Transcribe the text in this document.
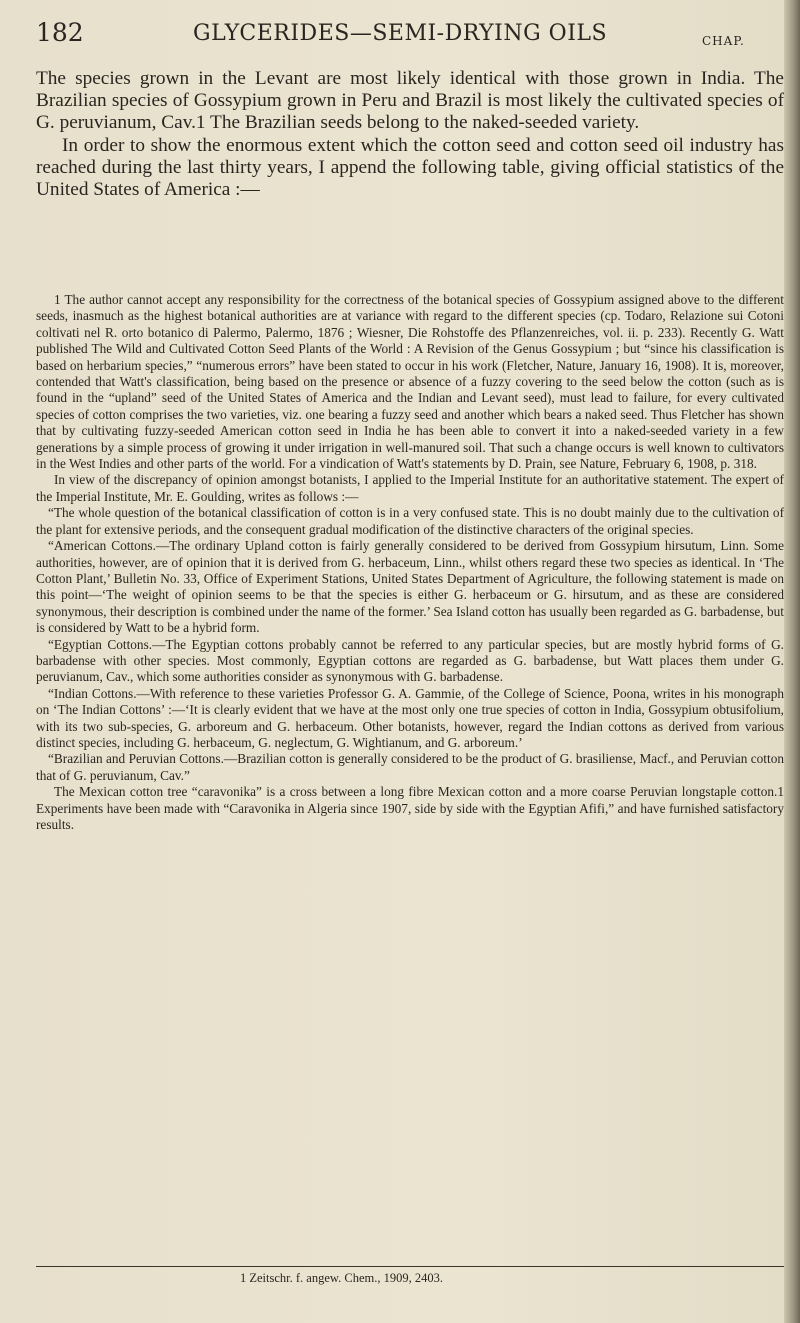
182	GLYCERIDES—SEMI-DRYING OILS	CHAP.

The species grown in the Levant are most likely identical with those grown in India. The Brazilian species of Gossypium grown in Peru and Brazil is most likely the cultivated species of G. peruvianum, Cav.1 The Brazilian seeds belong to the naked-seeded variety.

In order to show the enormous extent which the cotton seed and cotton seed oil industry has reached during the last thirty years, I append the following table, giving official statistics of the United States of America :—

1 The author cannot accept any responsibility for the correctness of the botanical species of Gossypium assigned above to the different seeds, inasmuch as the highest botanical authorities are at variance with regard to the different species (cp. Todaro, Relazione sui Cotoni coltivati nel R. orto botanico di Palermo, Palermo, 1876 ; Wiesner, Die Rohstoffe des Pflanzenreiches, vol. ii. p. 233). Recently G. Watt published The Wild and Cultivated Cotton Seed Plants of the World : A Revision of the Genus Gossypium ; but “since his classification is based on herbarium species,” “numerous errors” have been stated to occur in his work (Fletcher, Nature, January 16, 1908). It is, moreover, contended that Watt's classification, being based on the presence or absence of a fuzzy covering to the seed below the cotton (such as is found in the “upland” seed of the United States of America and the Indian and Levant seed), must lead to failure, for every cultivated species of cotton comprises the two varieties, viz. one bearing a fuzzy seed and another which bears a naked seed. Thus Fletcher has shown that by cultivating fuzzy-seeded American cotton seed in India he has been able to convert it into a naked-seeded variety in a few generations by a simple process of growing it under irrigation in well-manured soil. That such a change occurs is well known to cultivators in the West Indies and other parts of the world. For a vindication of Watt's statements by D. Prain, see Nature, February 6, 1908, p. 318.

In view of the discrepancy of opinion amongst botanists, I applied to the Imperial Institute for an authoritative statement. The expert of the Imperial Institute, Mr. E. Goulding, writes as follows :—

“The whole question of the botanical classification of cotton is in a very confused state. This is no doubt mainly due to the cultivation of the plant for extensive periods, and the consequent gradual modification of the distinctive characters of the original species.

“American Cottons.—The ordinary Upland cotton is fairly generally considered to be derived from Gossypium hirsutum, Linn. Some authorities, however, are of opinion that it is derived from G. herbaceum, Linn., whilst others regard these two species as identical. In ‘The Cotton Plant,’ Bulletin No. 33, Office of Experiment Stations, United States Department of Agriculture, the following statement is made on this point—‘The weight of opinion seems to be that the species is either G. herbaceum or G. hirsutum, and as these are considered synonymous, their description is combined under the name of the former.’ Sea Island cotton has usually been regarded as G. barbadense, but is considered by Watt to be a hybrid form.

“Egyptian Cottons.—The Egyptian cottons probably cannot be referred to any particular species, but are mostly hybrid forms of G. barbadense with other species. Most commonly, Egyptian cottons are regarded as G. barbadense, but Watt places them under G. peruvianum, Cav., which some authorities consider as synonymous with G. barbadense.

“Indian Cottons.—With reference to these varieties Professor G. A. Gammie, of the College of Science, Poona, writes in his monograph on ‘The Indian Cottons’ :—‘It is clearly evident that we have at the most only one true species of cotton in India, Gossypium obtusifolium, with its two sub-species, G. arboreum and G. herbaceum. Other botanists, however, regard the Indian cottons as derived from various distinct species, including G. herbaceum, G. neglectum, G. Wightianum, and G. arboreum.’

“Brazilian and Peruvian Cottons.—Brazilian cotton is generally considered to be the product of G. brasiliense, Macf., and Peruvian cotton that of G. peruvianum, Cav.”

The Mexican cotton tree “caravonika” is a cross between a long fibre Mexican cotton and a more coarse Peruvian longstaple cotton.1 Experiments have been made with “Caravonika in Algeria since 1907, side by side with the Egyptian Afifi,” and have furnished satisfactory results.

1 Zeitschr. f. angew. Chem., 1909, 2403.
